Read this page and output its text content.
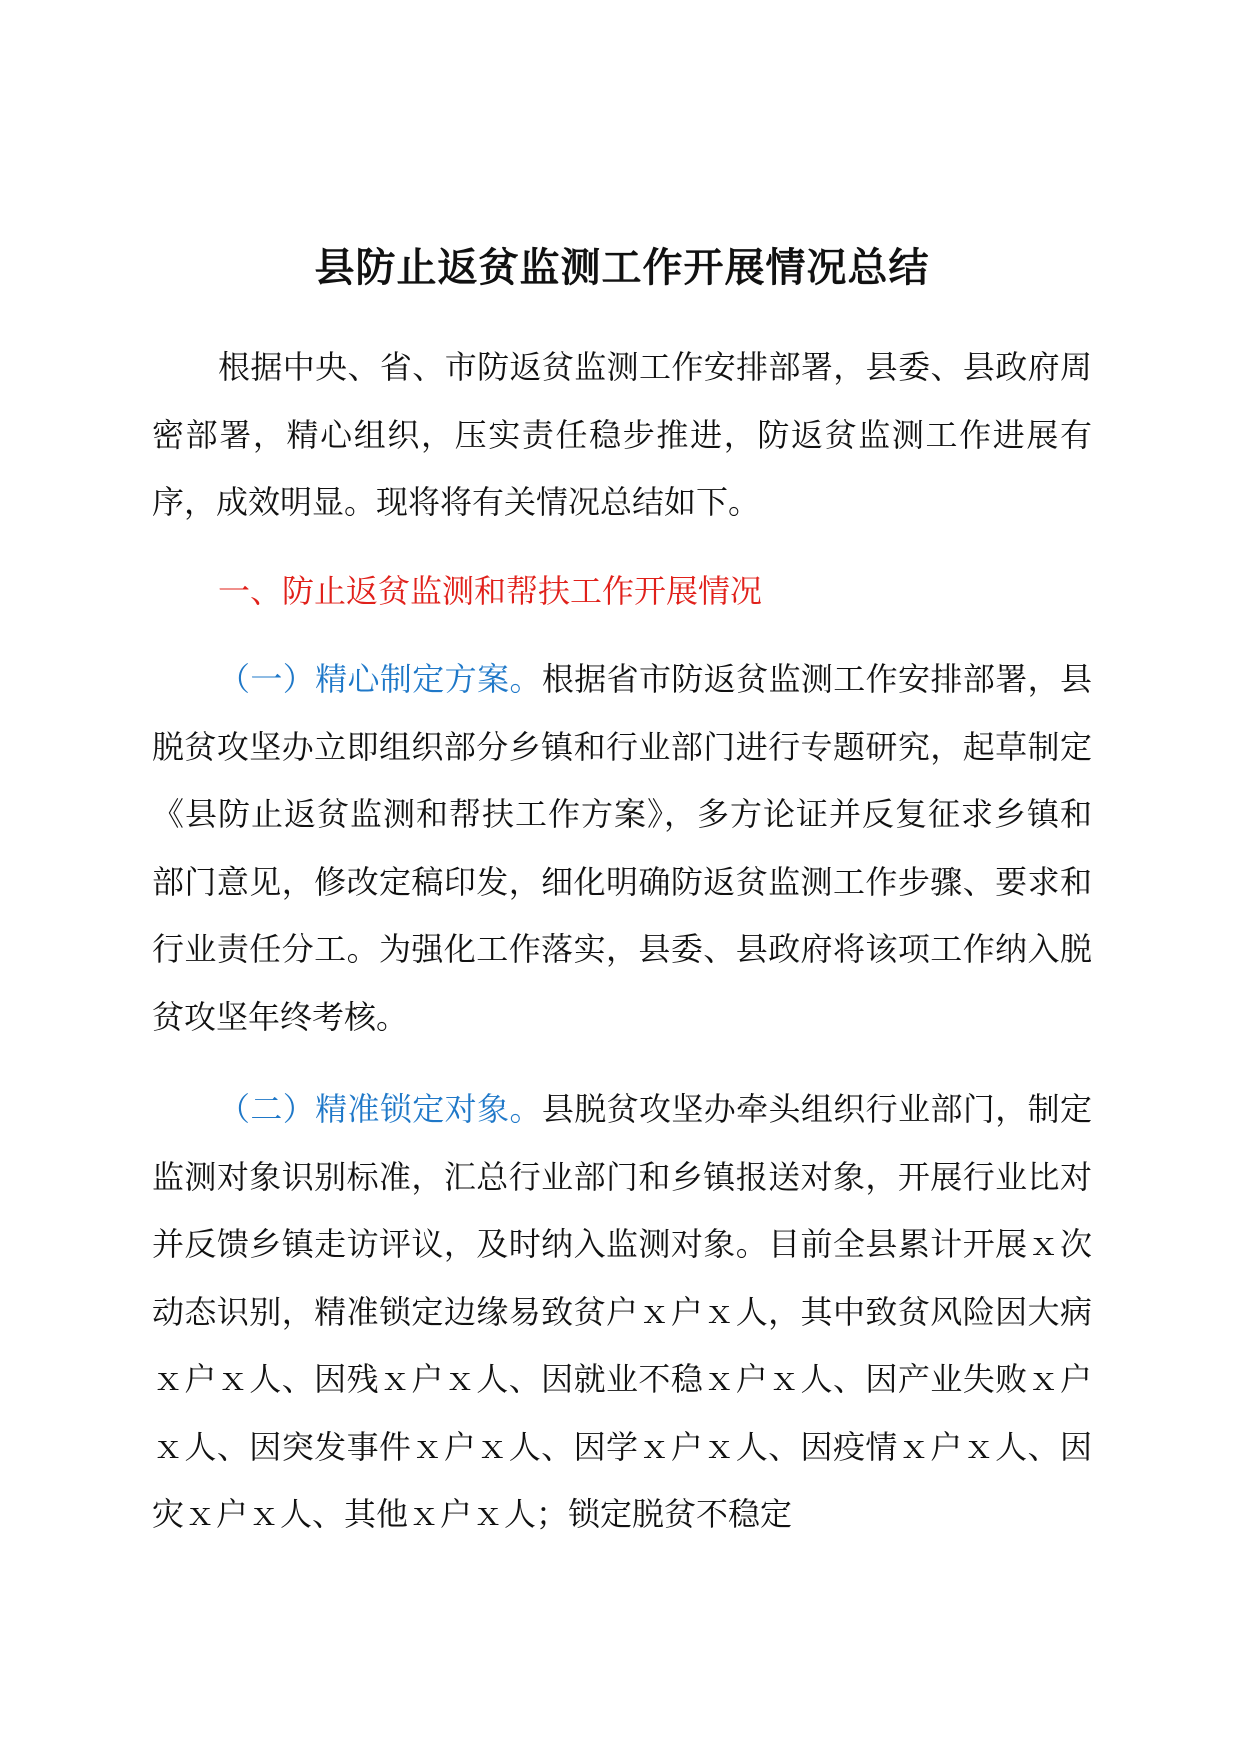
县防止返贫监测工作开展情况总结

根据中央、省、市防返贫监测工作安排部署，县委、县政府周密部署，精心组织，压实责任稳步推进，防返贫监测工作进展有序，成效明显。现将将有关情况总结如下。

一、防止返贫监测和帮扶工作开展情况

（一）精心制定方案。根据省市防返贫监测工作安排部署，县脱贫攻坚办立即组织部分乡镇和行业部门进行专题研究，起草制定《县防止返贫监测和帮扶工作方案》，多方论证并反复征求乡镇和部门意见，修改定稿印发，细化明确防返贫监测工作步骤、要求和行业责任分工。为强化工作落实，县委、县政府将该项工作纳入脱贫攻坚年终考核。

（二）精准锁定对象。县脱贫攻坚办牵头组织行业部门，制定监测对象识别标准，汇总行业部门和乡镇报送对象，开展行业比对并反馈乡镇走访评议，及时纳入监测对象。目前全县累计开展ｘ次动态识别，精准锁定边缘易致贫户ｘ户ｘ人，其中致贫风险因大病ｘ户ｘ人、因残ｘ户ｘ人、因就业不稳ｘ户ｘ人、因产业失败ｘ户ｘ人、因突发事件ｘ户ｘ人、因学ｘ户ｘ人、因疫情ｘ户ｘ人、因灾ｘ户ｘ人、其他ｘ户ｘ人；锁定脱贫不稳定
